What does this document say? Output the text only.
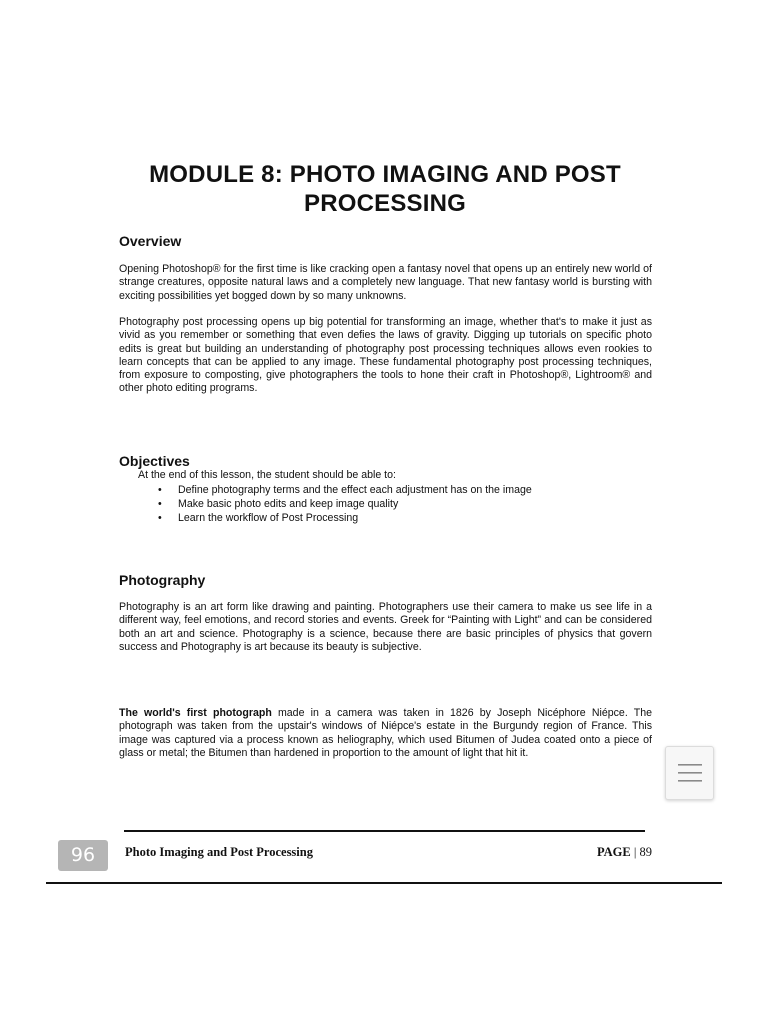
MODULE 8: PHOTO IMAGING AND POST PROCESSING
Overview

Opening Photoshop® for the first time is like cracking open a fantasy novel that opens up an entirely new world of strange creatures, opposite natural laws and a completely new language. That new fantasy world is bursting with exciting possibilities yet bogged down by so many unknowns.

Photography post processing opens up big potential for transforming an image, whether that's to make it just as vivid as you remember or something that even defies the laws of gravity. Digging up tutorials on specific photo edits is great but building an understanding of photography post processing techniques allows even rookies to learn concepts that can be applied to any image. These fundamental photography post processing techniques, from exposure to composting, give photographers the tools to hone their craft in Photoshop®, Lightroom® and other photo editing programs.

Objectives
At the end of this lesson, the student should be able to:
• Define photography terms and the effect each adjustment has on the image
• Make basic photo edits and keep image quality
• Learn the workflow of Post Processing
Photography

Photography is an art form like drawing and painting. Photographers use their camera to make us see life in a different way, feel emotions, and record stories and events. Greek for “Painting with Light” and can be considered both an art and science. Photography is a science, because there are basic principles of physics that govern success and Photography is art because its beauty is subjective.

The world's first photograph made in a camera was taken in 1826 by Joseph Nicéphore Niépce. The photograph was taken from the upstair's windows of Niépce's estate in the Burgundy region of France. This image was captured via a process known as heliography, which used Bitumen of Judea coated onto a piece of glass or metal; the Bitumen than hardened in proportion to the amount of light that hit it.

Photo Imaging and Post Processing	PAGE | 89
96
